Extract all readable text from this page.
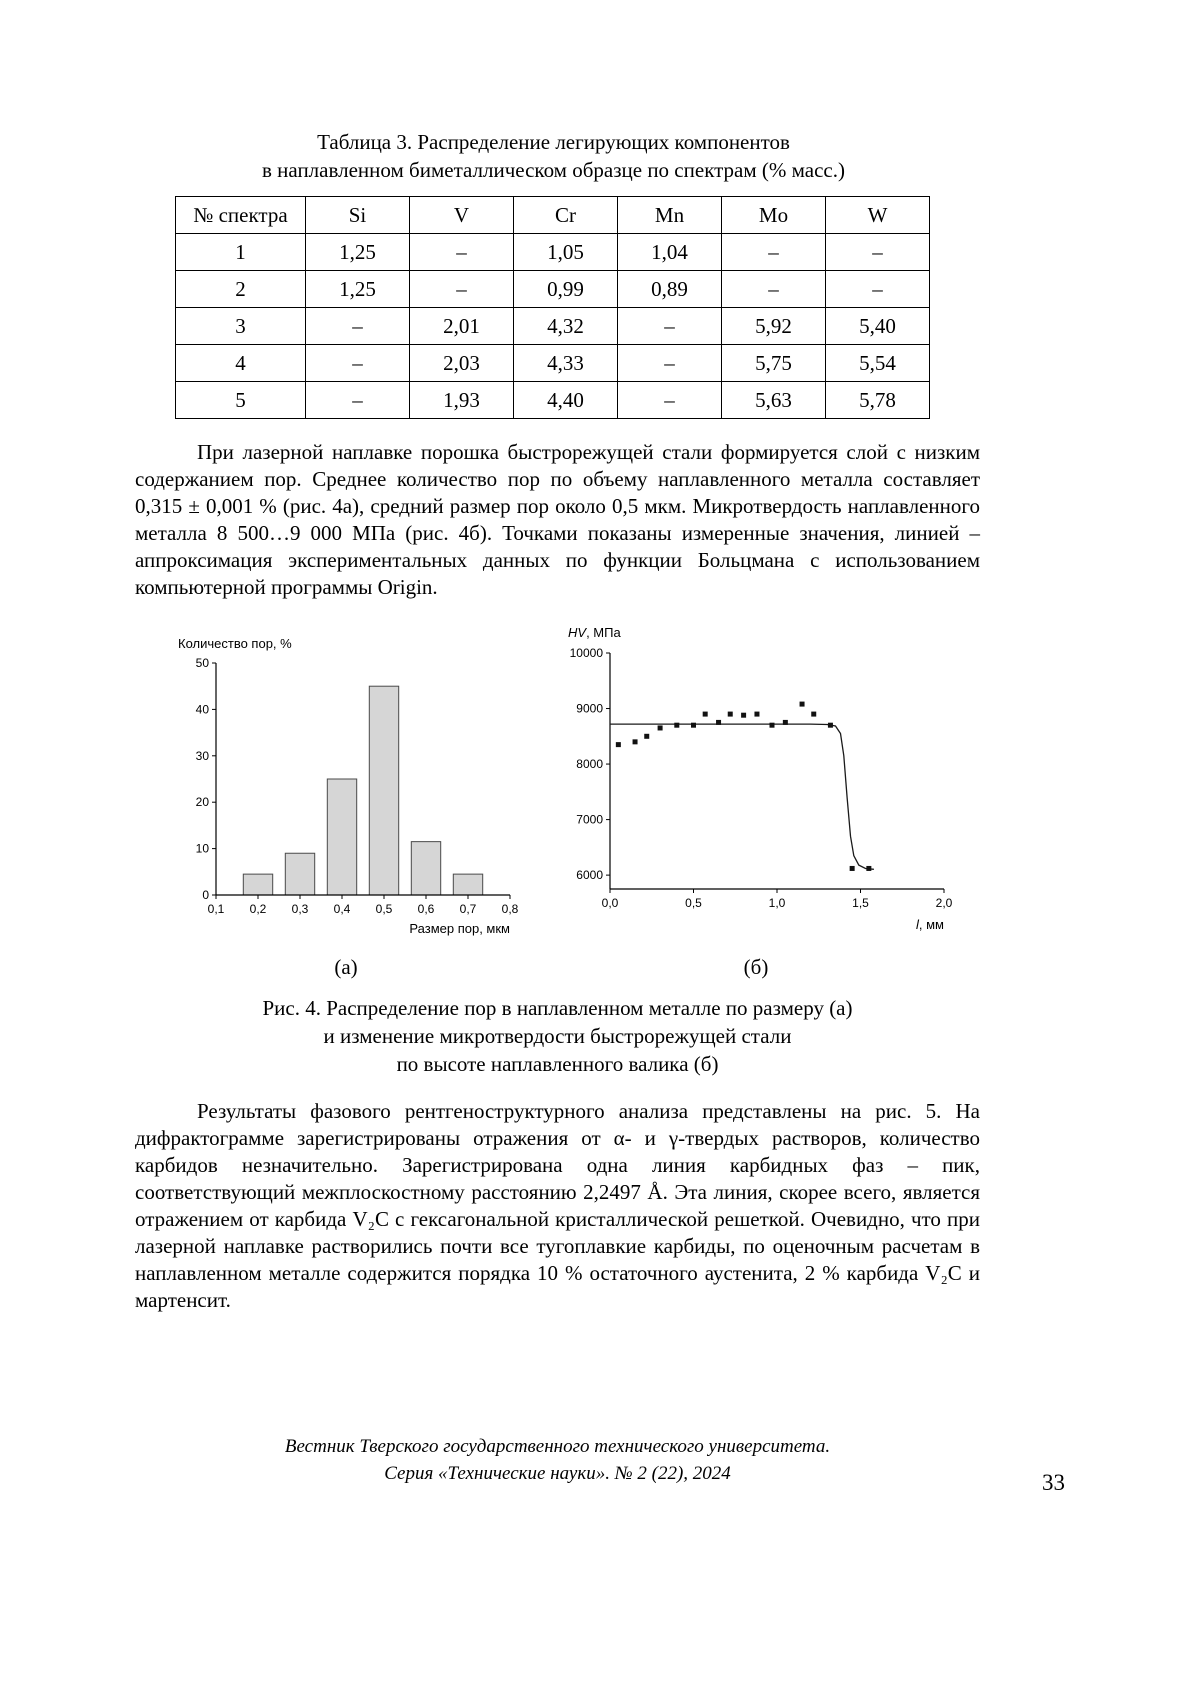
Таблица 3. Распределение легирующих компонентов
в наплавленном биметаллическом образце по спектрам (% масс.)
№ спектра	Si	V	Cr	Mn	Mo	W
1	1,25	–	1,05	1,04	–	–
2	1,25	–	0,99	0,89	–	–
3	–	2,01	4,32	–	5,92	5,40
4	–	2,03	4,33	–	5,75	5,54
5	–	1,93	4,40	–	5,63	5,78

При лазерной наплавке порошка быстрорежущей стали формируется слой с низким содержанием пор. Среднее количество пор по объему наплавленного металла составляет 0,315 ± 0,001 % (рис. 4а), средний размер пор около 0,5 мкм. Микротвердость наплавленного металла 8 500…9 000 МПа (рис. 4б). Точками показаны измеренные значения, линией – аппроксимация экспериментальных данных по функции Больцмана с использованием компьютерной программы Origin.

0
10
20
30
40
50
0,1 0,2 0,3 0,4 0,5 0,6 0,7 0,8
Количество пор, %
Размер пор, мкм
(а)
6000
7000
8000
9000
10000
0,0	0,5	1,0	1,5	2,0
HV, МПа
l, мм
(б)
Рис. 4. Распределение пор в наплавленном металле по размеру (а)
и изменение микротвердости быстрорежущей стали
по высоте наплавленного валика (б)

Результаты фазового рентгеноструктурного анализа представлены на рис. 5. На дифрактограмме зарегистрированы отражения от α- и γ-твердых растворов, количество карбидов незначительно. Зарегистрирована одна линия карбидных фаз – пик, соответствующий межплоскостному расстоянию 2,2497 Å. Эта линия, скорее всего, является отражением от карбида V₂C с гексагональной кристаллической решеткой. Очевидно, что при лазерной наплавке растворились почти все тугоплавкие карбиды, по оценочным расчетам в наплавленном металле содержится порядка 10 % остаточного аустенита, 2 % карбида V₂C и мартенсит.

Вестник Тверского государственного технического университета.
Серия «Технические науки». № 2 (22), 2024	33
